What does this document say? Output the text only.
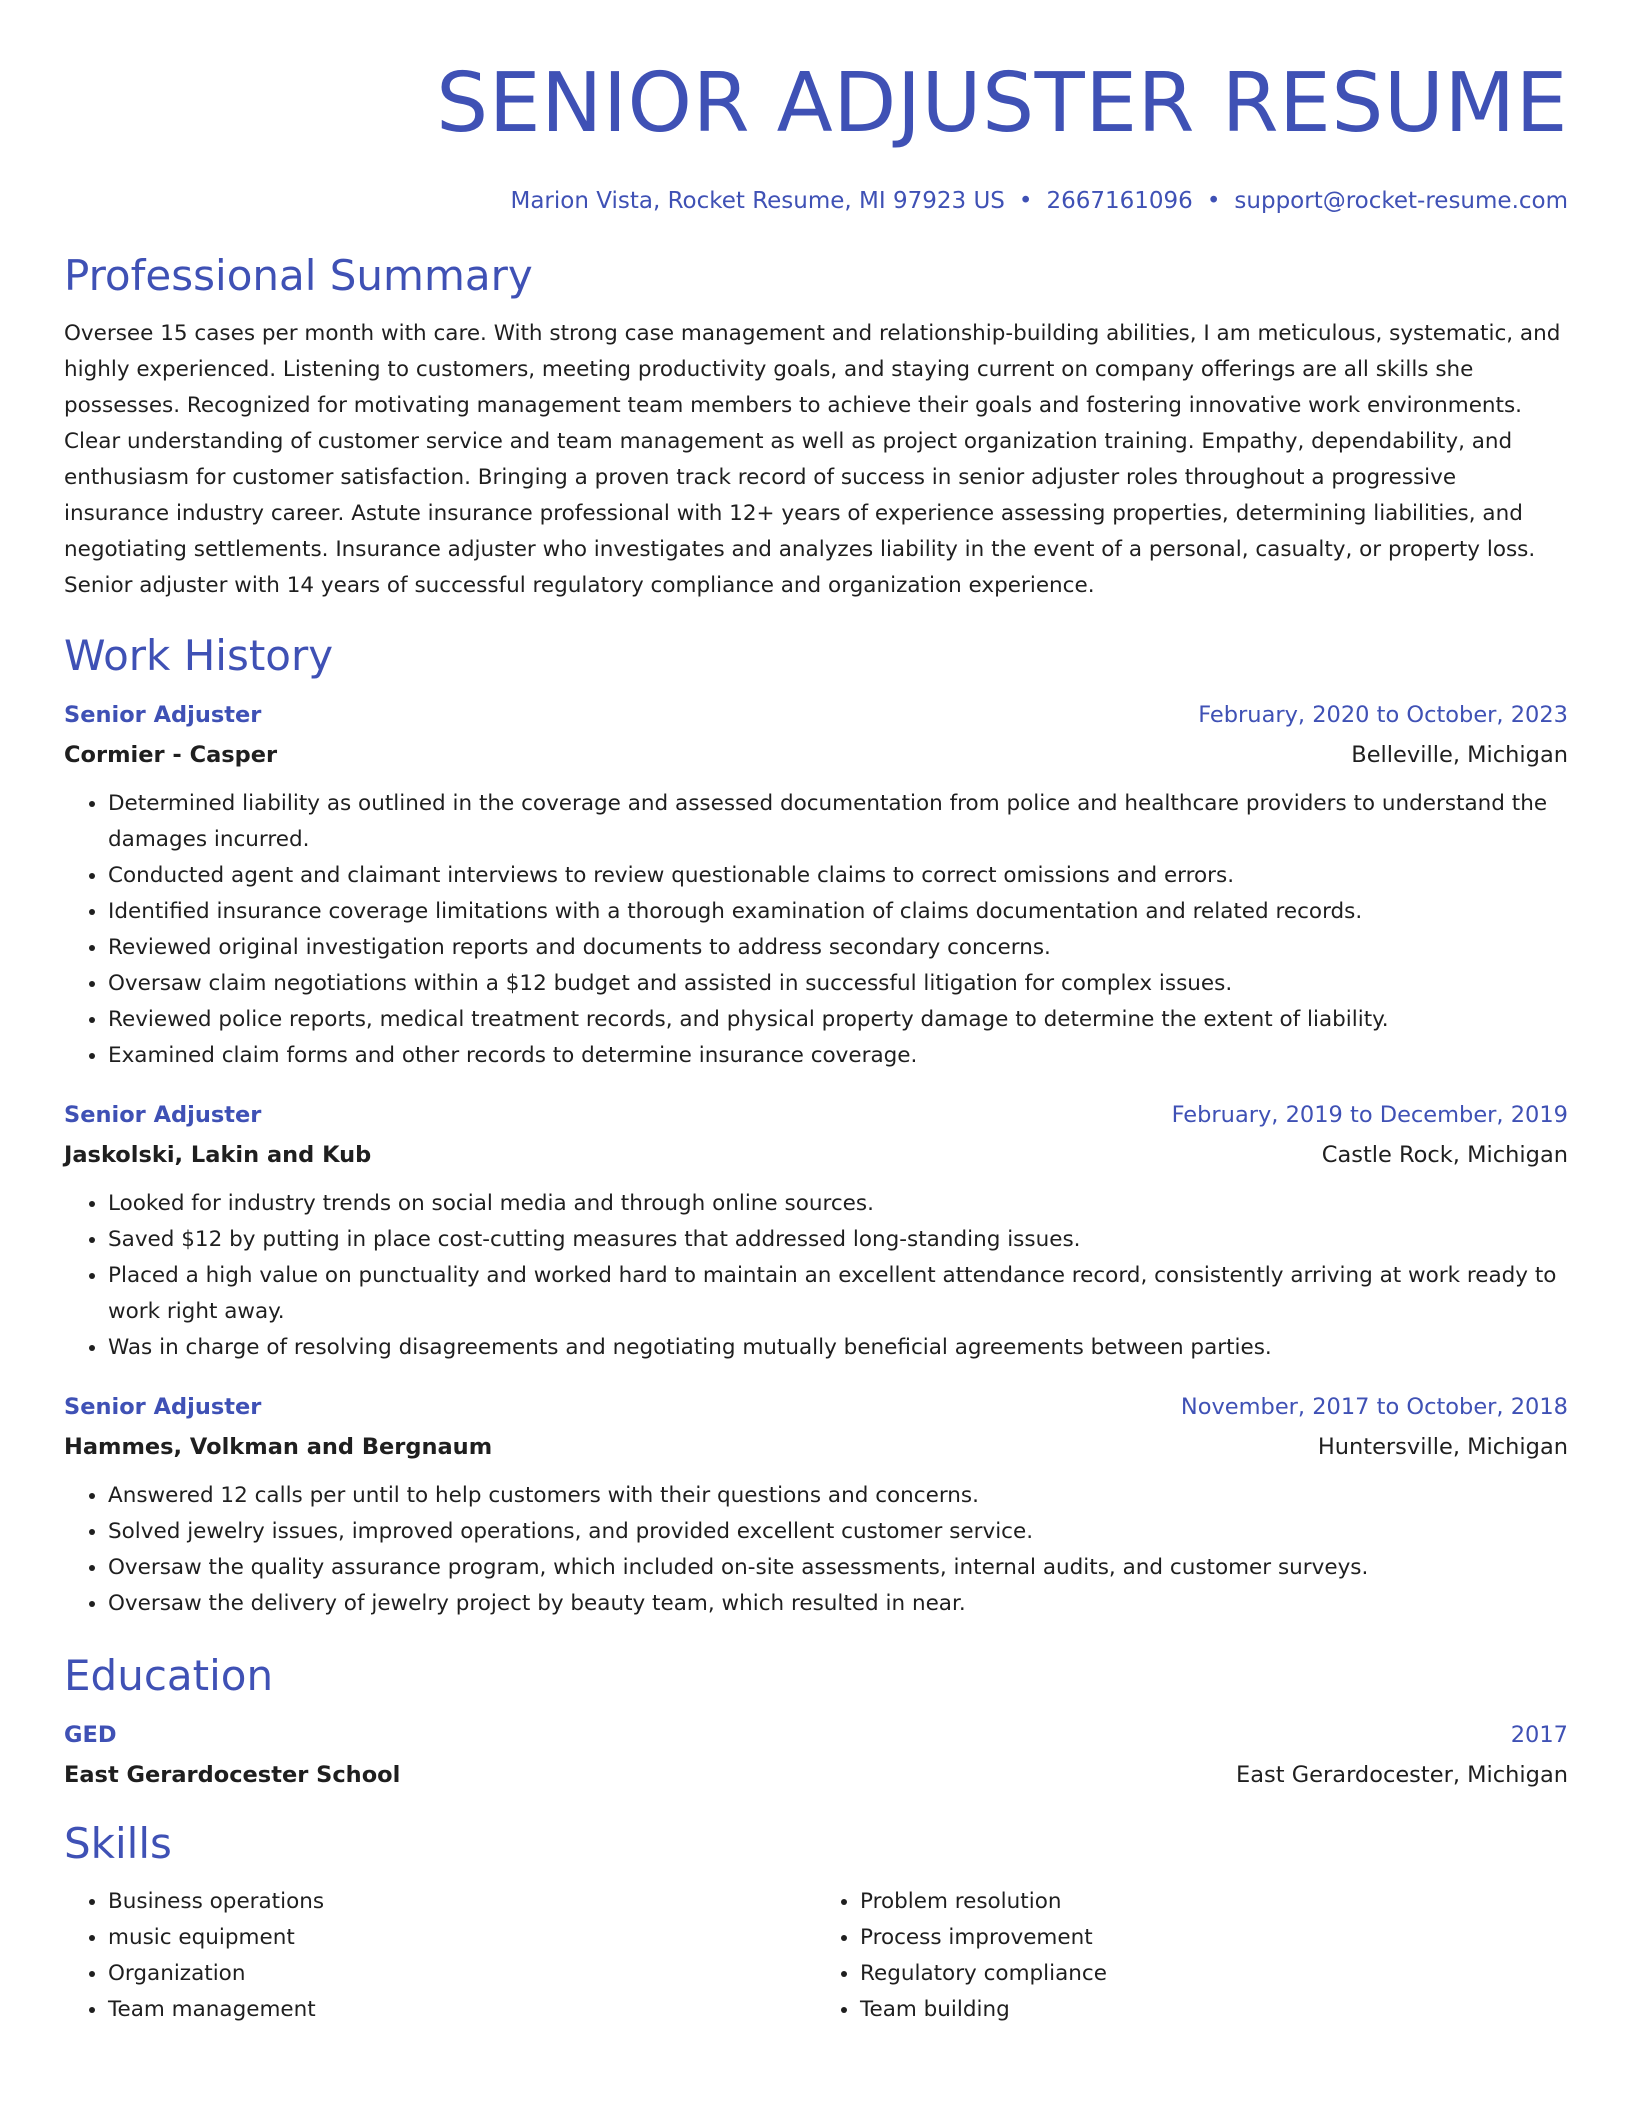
SENIOR ADJUSTER RESUME
Marion Vista, Rocket Resume, MI 97923 US • 2667161096 • support@rocket-resume.com
Professional Summary

Oversee 15 cases per month with care. With strong case management and relationship-building abilities, I am meticulous, systematic, and highly experienced. Listening to customers, meeting productivity goals, and staying current on company offerings are all skills she possesses. Recognized for motivating management team members to achieve their goals and fostering innovative work environments. Clear understanding of customer service and team management as well as project organization training. Empathy, dependability, and enthusiasm for customer satisfaction. Bringing a proven track record of success in senior adjuster roles throughout a progressive insurance industry career. Astute insurance professional with 12+ years of experience assessing properties, determining liabilities, and negotiating settlements. Insurance adjuster who investigates and analyzes liability in the event of a personal, casualty, or property loss. Senior adjuster with 14 years of successful regulatory compliance and organization experience.

Work History
Senior Adjuster	February, 2020 to October, 2023
Cormier - Casper	Belleville, Michigan
• Determined liability as outlined in the coverage and assessed documentation from police and healthcare providers to understand the damages incurred.
• Conducted agent and claimant interviews to review questionable claims to correct omissions and errors.
• Identified insurance coverage limitations with a thorough examination of claims documentation and related records.
• Reviewed original investigation reports and documents to address secondary concerns.
• Oversaw claim negotiations within a $12 budget and assisted in successful litigation for complex issues.
• Reviewed police reports, medical treatment records, and physical property damage to determine the extent of liability.
• Examined claim forms and other records to determine insurance coverage.
Senior Adjuster	February, 2019 to December, 2019
Jaskolski, Lakin and Kub	Castle Rock, Michigan
• Looked for industry trends on social media and through online sources.
• Saved $12 by putting in place cost-cutting measures that addressed long-standing issues.
• Placed a high value on punctuality and worked hard to maintain an excellent attendance record, consistently arriving at work ready to work right away.
• Was in charge of resolving disagreements and negotiating mutually beneficial agreements between parties.
Senior Adjuster	November, 2017 to October, 2018
Hammes, Volkman and Bergnaum	Huntersville, Michigan
• Answered 12 calls per until to help customers with their questions and concerns.
• Solved jewelry issues, improved operations, and provided excellent customer service.
• Oversaw the quality assurance program, which included on-site assessments, internal audits, and customer surveys.
• Oversaw the delivery of jewelry project by beauty team, which resulted in near.
Education
GED	2017
East Gerardocester School	East Gerardocester, Michigan
Skills
• Business operations
• music equipment
• Organization
• Team management
• Problem resolution
• Process improvement
• Regulatory compliance
• Team building
